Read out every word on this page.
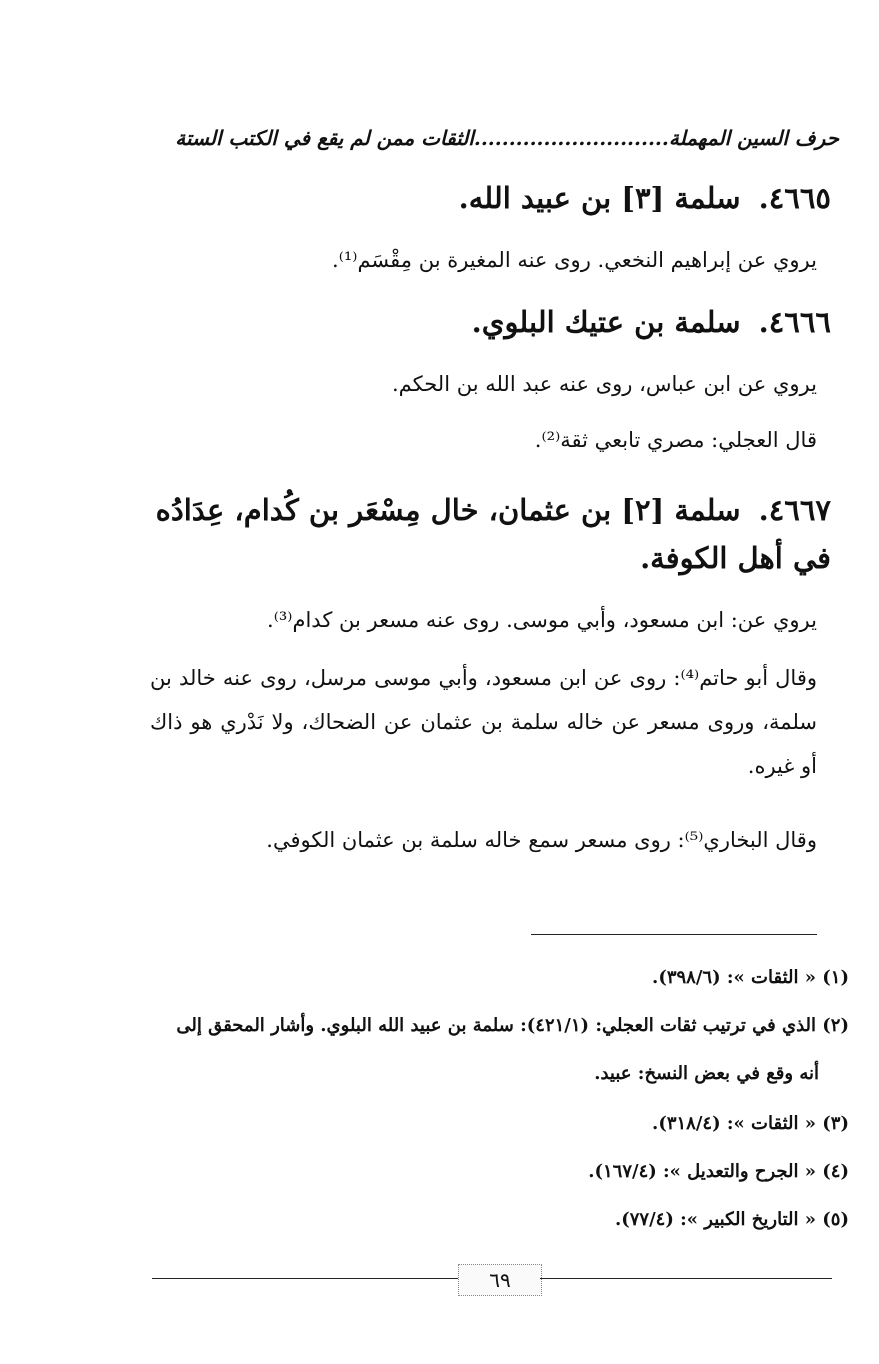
حرف السين المهملة............................الثقات ممن لم يقع في الكتب الستة
٤٦٦٥.سلمة [٣] بن عبيد الله.

يروي عن إبراهيم النخعي. روى عنه المغيرة بن مِقْسَم⁽¹⁾.

٤٦٦٦.سلمة بن عتيك البلوي.

يروي عن ابن عباس، روى عنه عبد الله بن الحكم.

قال العجلي: مصري تابعي ثقة⁽²⁾.

٤٦٦٧.سلمة [٢] بن عثمان، خال مِسْعَر بن كُدام، عِدَادُه في أهل الكوفة.

يروي عن: ابن مسعود، وأبي موسى. روى عنه مسعر بن كدام⁽³⁾.

وقال أبو حاتم⁽⁴⁾: روى عن ابن مسعود، وأبي موسى مرسل، روى عنه خالد بن سلمة، وروى مسعر عن خاله سلمة بن عثمان عن الضحاك، ولا نَدْري هو ذاك أو غيره.

وقال البخاري⁽⁵⁾: روى مسعر سمع خاله سلمة بن عثمان الكوفي.

(١) « الثقات »: (٣٩٨/٦).
(٢) الذي في ترتيب ثقات العجلي: (٤٢١/١): سلمة بن عبيد الله البلوي. وأشار المحقق إلى
أنه وقع في بعض النسخ: عبيد.
(٣) « الثقات »: (٣١٨/٤).
(٤) « الجرح والتعديل »: (١٦٧/٤).
(٥) « التاريخ الكبير »: (٧٧/٤).
٦٩
